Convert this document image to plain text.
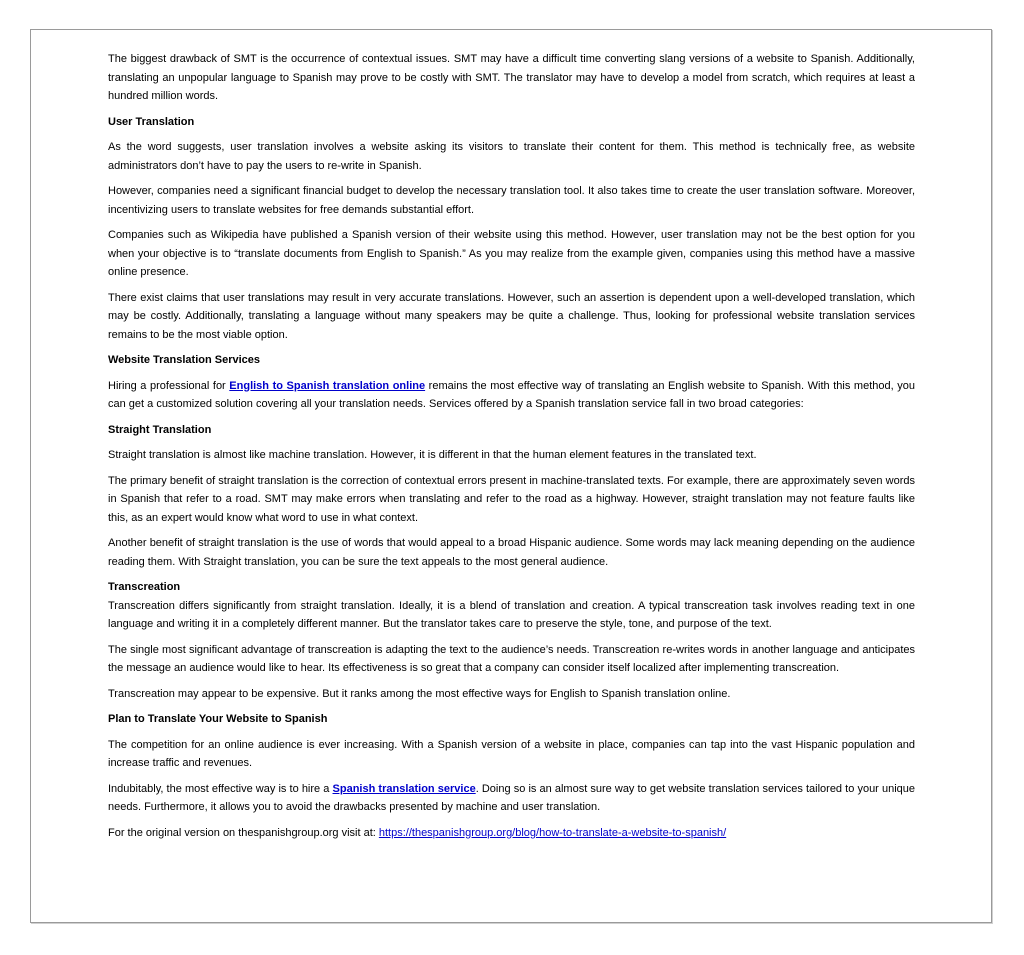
The biggest drawback of SMT is the occurrence of contextual issues. SMT may have a difficult time converting slang versions of a website to Spanish. Additionally, translating an unpopular language to Spanish may prove to be costly with SMT. The translator may have to develop a model from scratch, which requires at least a hundred million words.

User Translation

As the word suggests, user translation involves a website asking its visitors to translate their content for them. This method is technically free, as website administrators don’t have to pay the users to re-write in Spanish.

However, companies need a significant financial budget to develop the necessary translation tool. It also takes time to create the user translation software. Moreover, incentivizing users to translate websites for free demands substantial effort.

Companies such as Wikipedia have published a Spanish version of their website using this method. However, user translation may not be the best option for you when your objective is to “translate documents from English to Spanish.” As you may realize from the example given, companies using this method have a massive online presence.

There exist claims that user translations may result in very accurate translations. However, such an assertion is dependent upon a well-developed translation, which may be costly. Additionally, translating a language without many speakers may be quite a challenge. Thus, looking for professional website translation services remains to be the most viable option.

Website Translation Services

Hiring a professional for English to Spanish translation online remains the most effective way of translating an English website to Spanish. With this method, you can get a customized solution covering all your translation needs. Services offered by a Spanish translation service fall in two broad categories:

Straight Translation

Straight translation is almost like machine translation. However, it is different in that the human element features in the translated text.

The primary benefit of straight translation is the correction of contextual errors present in machine-translated texts. For example, there are approximately seven words in Spanish that refer to a road. SMT may make errors when translating and refer to the road as a highway. However, straight translation may not feature faults like this, as an expert would know what word to use in what context.

Another benefit of straight translation is the use of words that would appeal to a broad Hispanic audience. Some words may lack meaning depending on the audience reading them. With Straight translation, you can be sure the text appeals to the most general audience.

Transcreation

Transcreation differs significantly from straight translation. Ideally, it is a blend of translation and creation. A typical transcreation task involves reading text in one language and writing it in a completely different manner. But the translator takes care to preserve the style, tone, and purpose of the text.

The single most significant advantage of transcreation is adapting the text to the audience’s needs. Transcreation re-writes words in another language and anticipates the message an audience would like to hear. Its effectiveness is so great that a company can consider itself localized after implementing transcreation.

Transcreation may appear to be expensive. But it ranks among the most effective ways for English to Spanish translation online.

Plan to Translate Your Website to Spanish

The competition for an online audience is ever increasing. With a Spanish version of a website in place, companies can tap into the vast Hispanic population and increase traffic and revenues.

Indubitably, the most effective way is to hire a Spanish translation service. Doing so is an almost sure way to get website translation services tailored to your unique needs. Furthermore, it allows you to avoid the drawbacks presented by machine and user translation.

For the original version on thespanishgroup.org visit at: https://thespanishgroup.org/blog/how-to-translate-a-website-to-spanish/
